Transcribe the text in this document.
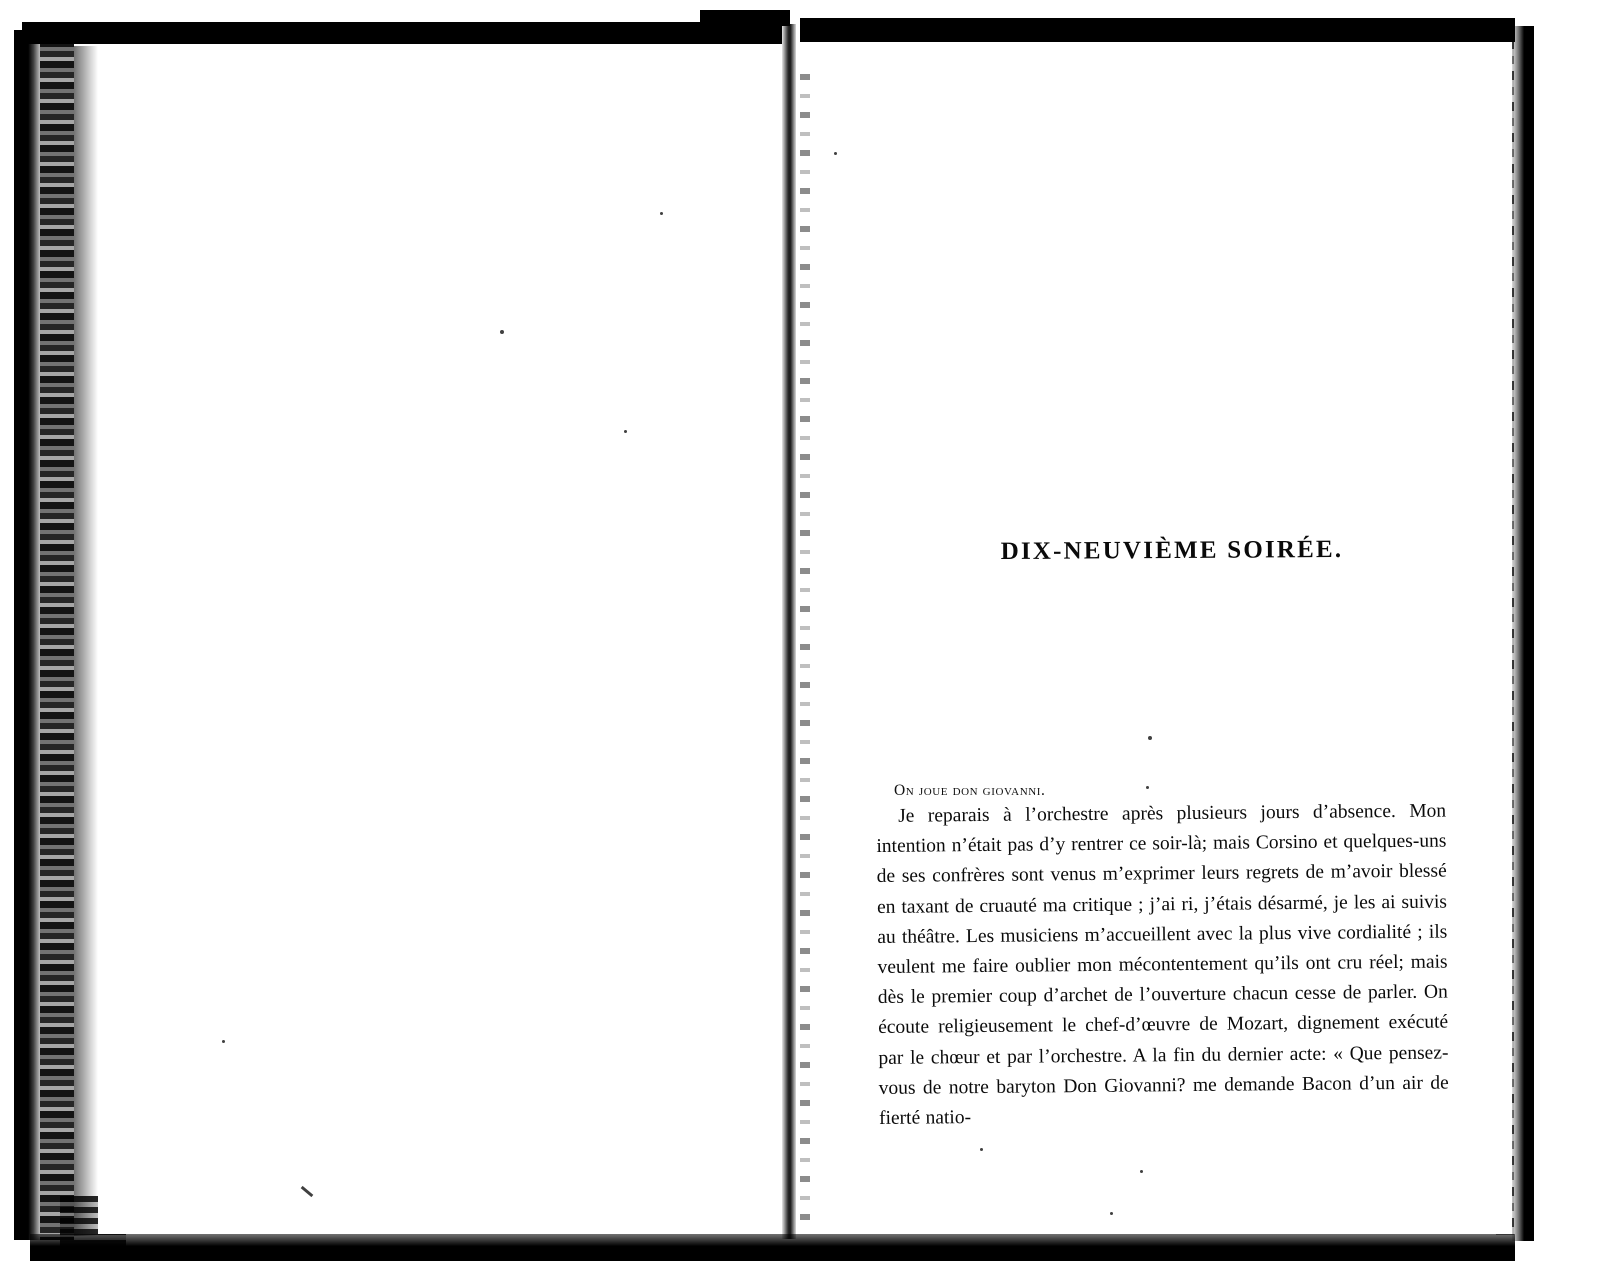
DIX-NEUVIÈME SOIRÉE.
On joue don giovanni.

Je reparais à l’orchestre après plusieurs jours d’absence. Mon intention n’était pas d’y rentrer ce soir-là; mais Corsino et quelques-uns de ses confrères sont venus m’exprimer leurs regrets de m’avoir blessé en taxant de cruauté ma critique ; j’ai ri, j’étais désarmé, je les ai suivis au théâtre. Les musiciens m’accueillent avec la plus vive cordialité ; ils veulent me faire oublier mon mécontentement qu’ils ont cru réel; mais dès le premier coup d’archet de l’ouverture chacun cesse de parler. On écoute religieusement le chef-d’œuvre de Mozart, dignement exécuté par le chœur et par l’orchestre. A la fin du dernier acte: « Que pensez-vous de notre baryton Don Giovanni? me demande Bacon d’un air de fierté natio-
